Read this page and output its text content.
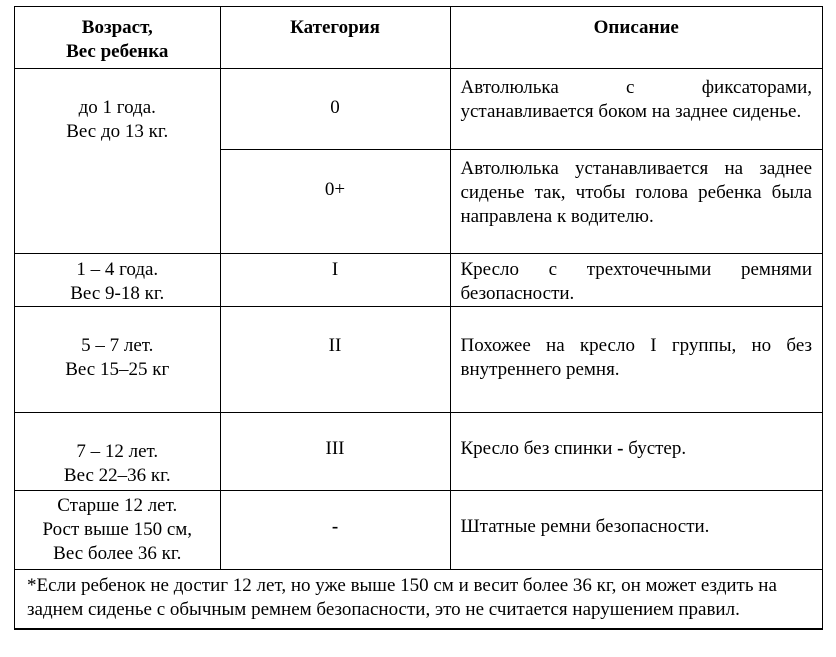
Возраст,
Вес ребенка	Категория	Описание

до 1 года.
Вес до 13 кг.	0	Автолюлька с фиксаторами, устанавливается боком на заднее сиденье.
	0+	Автолюлька устанавливается на заднее сиденье так, чтобы голова ребенка была направлена к водителю.

1 – 4 года.
Вес 9-18 кг.	I	Кресло с трехточечными ремнями безопасности.

5 – 7 лет.
Вес 15–25 кг	II	Похожее на кресло I группы, но без внутреннего ремня.

7 – 12 лет.
Вес 22–36 кг.	III	Кресло без спинки - бустер.

Старше 12 лет.
Рост выше 150 см,
Вес более 36 кг.	-	Штатные ремни безопасности.
*Если ребенок не достиг 12 лет, но уже выше 150 см и весит более 36 кг, он может ездить на заднем сиденье с обычным ремнем безопасности, это не считается нарушением правил.		
